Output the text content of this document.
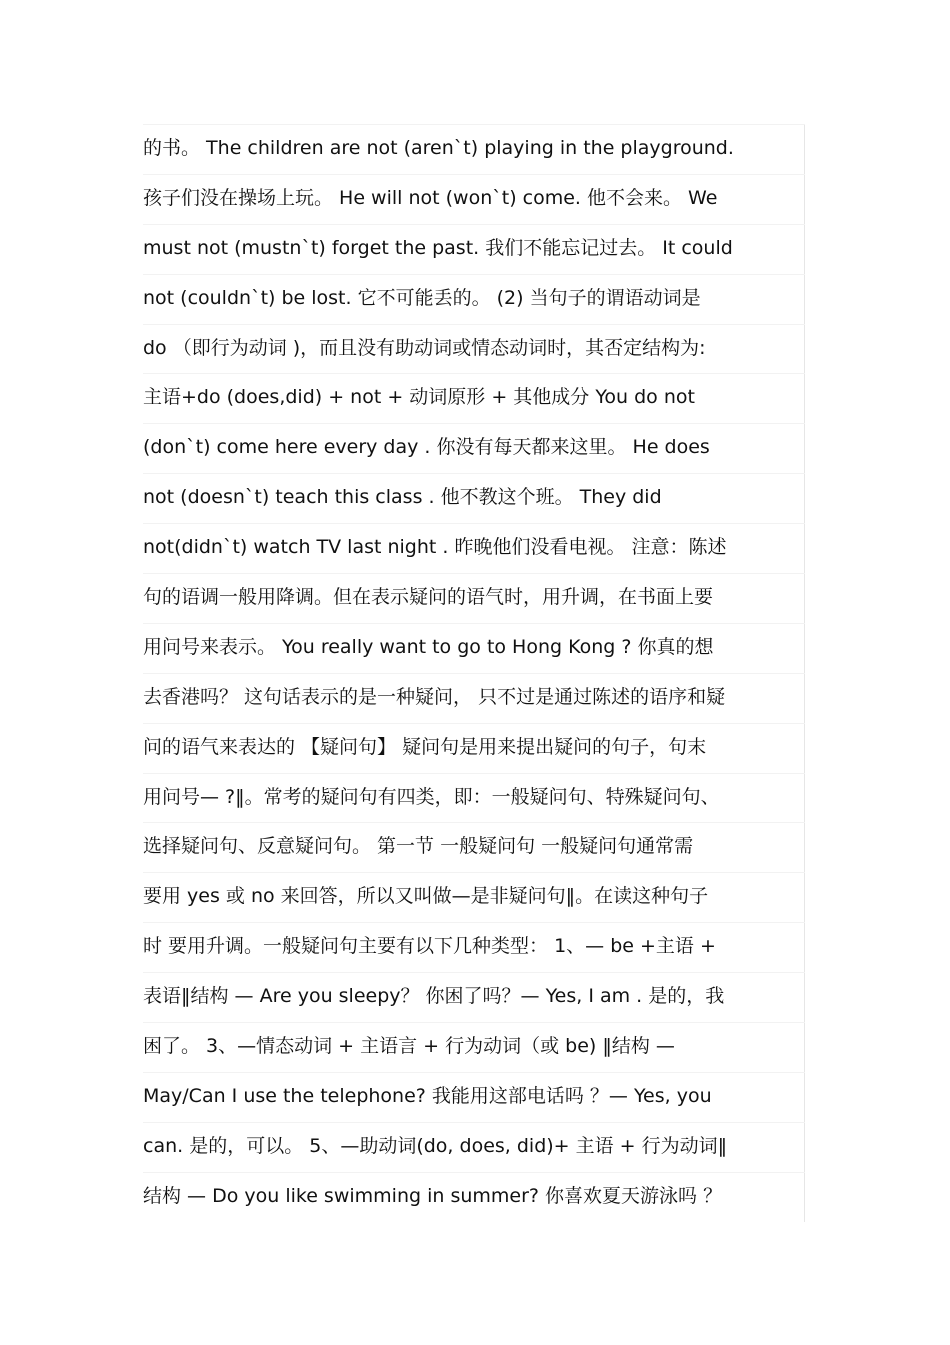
的书。 The children are not (aren`t) playing in the playground.
孩子们没在操场上玩。 He will not (won`t) come. 他不会来。 We
must not (mustn`t) forget the past. 我们不能忘记过去。 It could
not (couldn`t) be lost. 它不可能丢的。 (2) 当句子的谓语动词是
do （即行为动词 )，而且没有助动词或情态动词时，其否定结构为:
主语+do (does,did) + not + 动词原形 + 其他成分 You do not
(don`t) come here every day . 你没有每天都来这里。 He does
not (doesn`t) teach this class . 他不教这个班。 They did
not(didn`t) watch TV last night . 昨晚他们没看电视。 注意：陈述
句的语调一般用降调。但在表示疑问的语气时，用升调，在书面上要
用问号来表示。 You really want to go to Hong Kong ? 你真的想
去香港吗？ 这句话表示的是一种疑问， 只不过是通过陈述的语序和疑
问的语气来表达的 【疑问句】 疑问句是用来提出疑问的句子，句末
用问号— ?‖。常考的疑问句有四类，即：一般疑问句、特殊疑问句、
选择疑问句、反意疑问句。 第一节 一般疑问句 一般疑问句通常需
要用 yes 或 no 来回答，所以又叫做—是非疑问句‖。在读这种句子
时 要用升调。一般疑问句主要有以下几种类型： 1、— be +主语 +
表语‖结构 — Are you sleepy？ 你困了吗？— Yes, I am . 是的，我
困了。 3、—情态动词 + 主语言 + 行为动词（或 be) ‖结构 —
May/Can I use the telephone? 我能用这部电话吗 ？— Yes, you
can. 是的，可以。 5、—助动词(do, does, did)+ 主语 + 行为动词‖
结构 — Do you like swimming in summer? 你喜欢夏天游泳吗 ？
